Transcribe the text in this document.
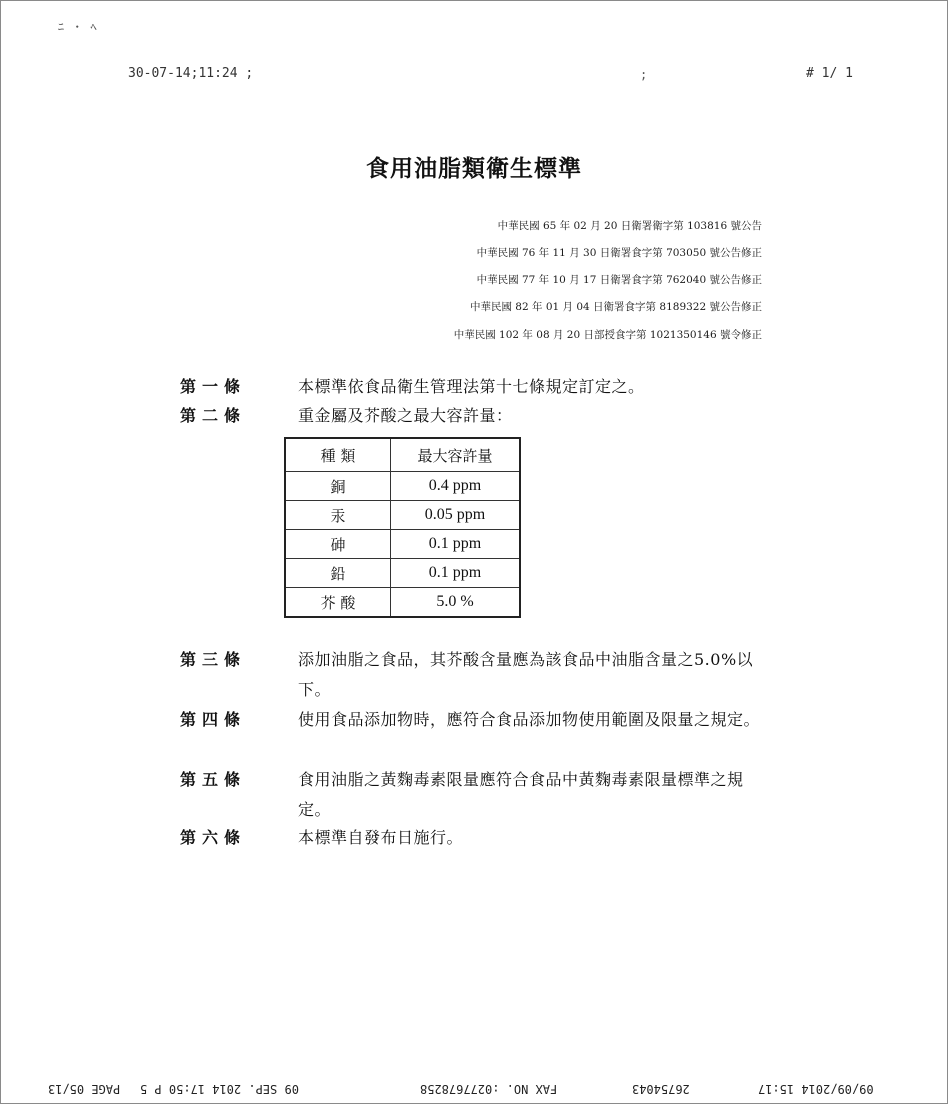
ﾆ ・ ﾍ
30-07-14;11:24 ;	;	# 1/ 1
食用油脂類衛生標準
中華民國 65 年 02 月 20 日衛署衛字第 103816 號公告
中華民國 76 年 11 月 30 日衛署食字第 703050 號公告修正
中華民國 77 年 10 月 17 日衛署食字第 762040 號公告修正
中華民國 82 年 01 月 04 日衛署食字第 8189322 號公告修正
中華民國 102 年 08 月 20 日部授食字第 1021350146 號令修正
第一條	本標準依食品衛生管理法第十七條規定訂定之。
第二條	重金屬及芥酸之最大容許量：
種 類	最大容許量
銅	0.4 ppm
汞	0.05 ppm
砷	0.1 ppm
鉛	0.1 ppm
芥 酸	5.0 %
第三條	添加油脂之食品，其芥酸含量應為該食品中油脂含量之5.0%以下。
第四條	使用食品添加物時，應符合食品添加物使用範圍及限量之規定。
第五條	食用油脂之黃麴毒素限量應符合食品中黃麴毒素限量標準之規定。
第六條	本標準自發布日施行。
09/09/2014 15:17
26754043
FAX NO. :0277678258
09 SEP. 2014 17:50 P 5
PAGE 05/13
